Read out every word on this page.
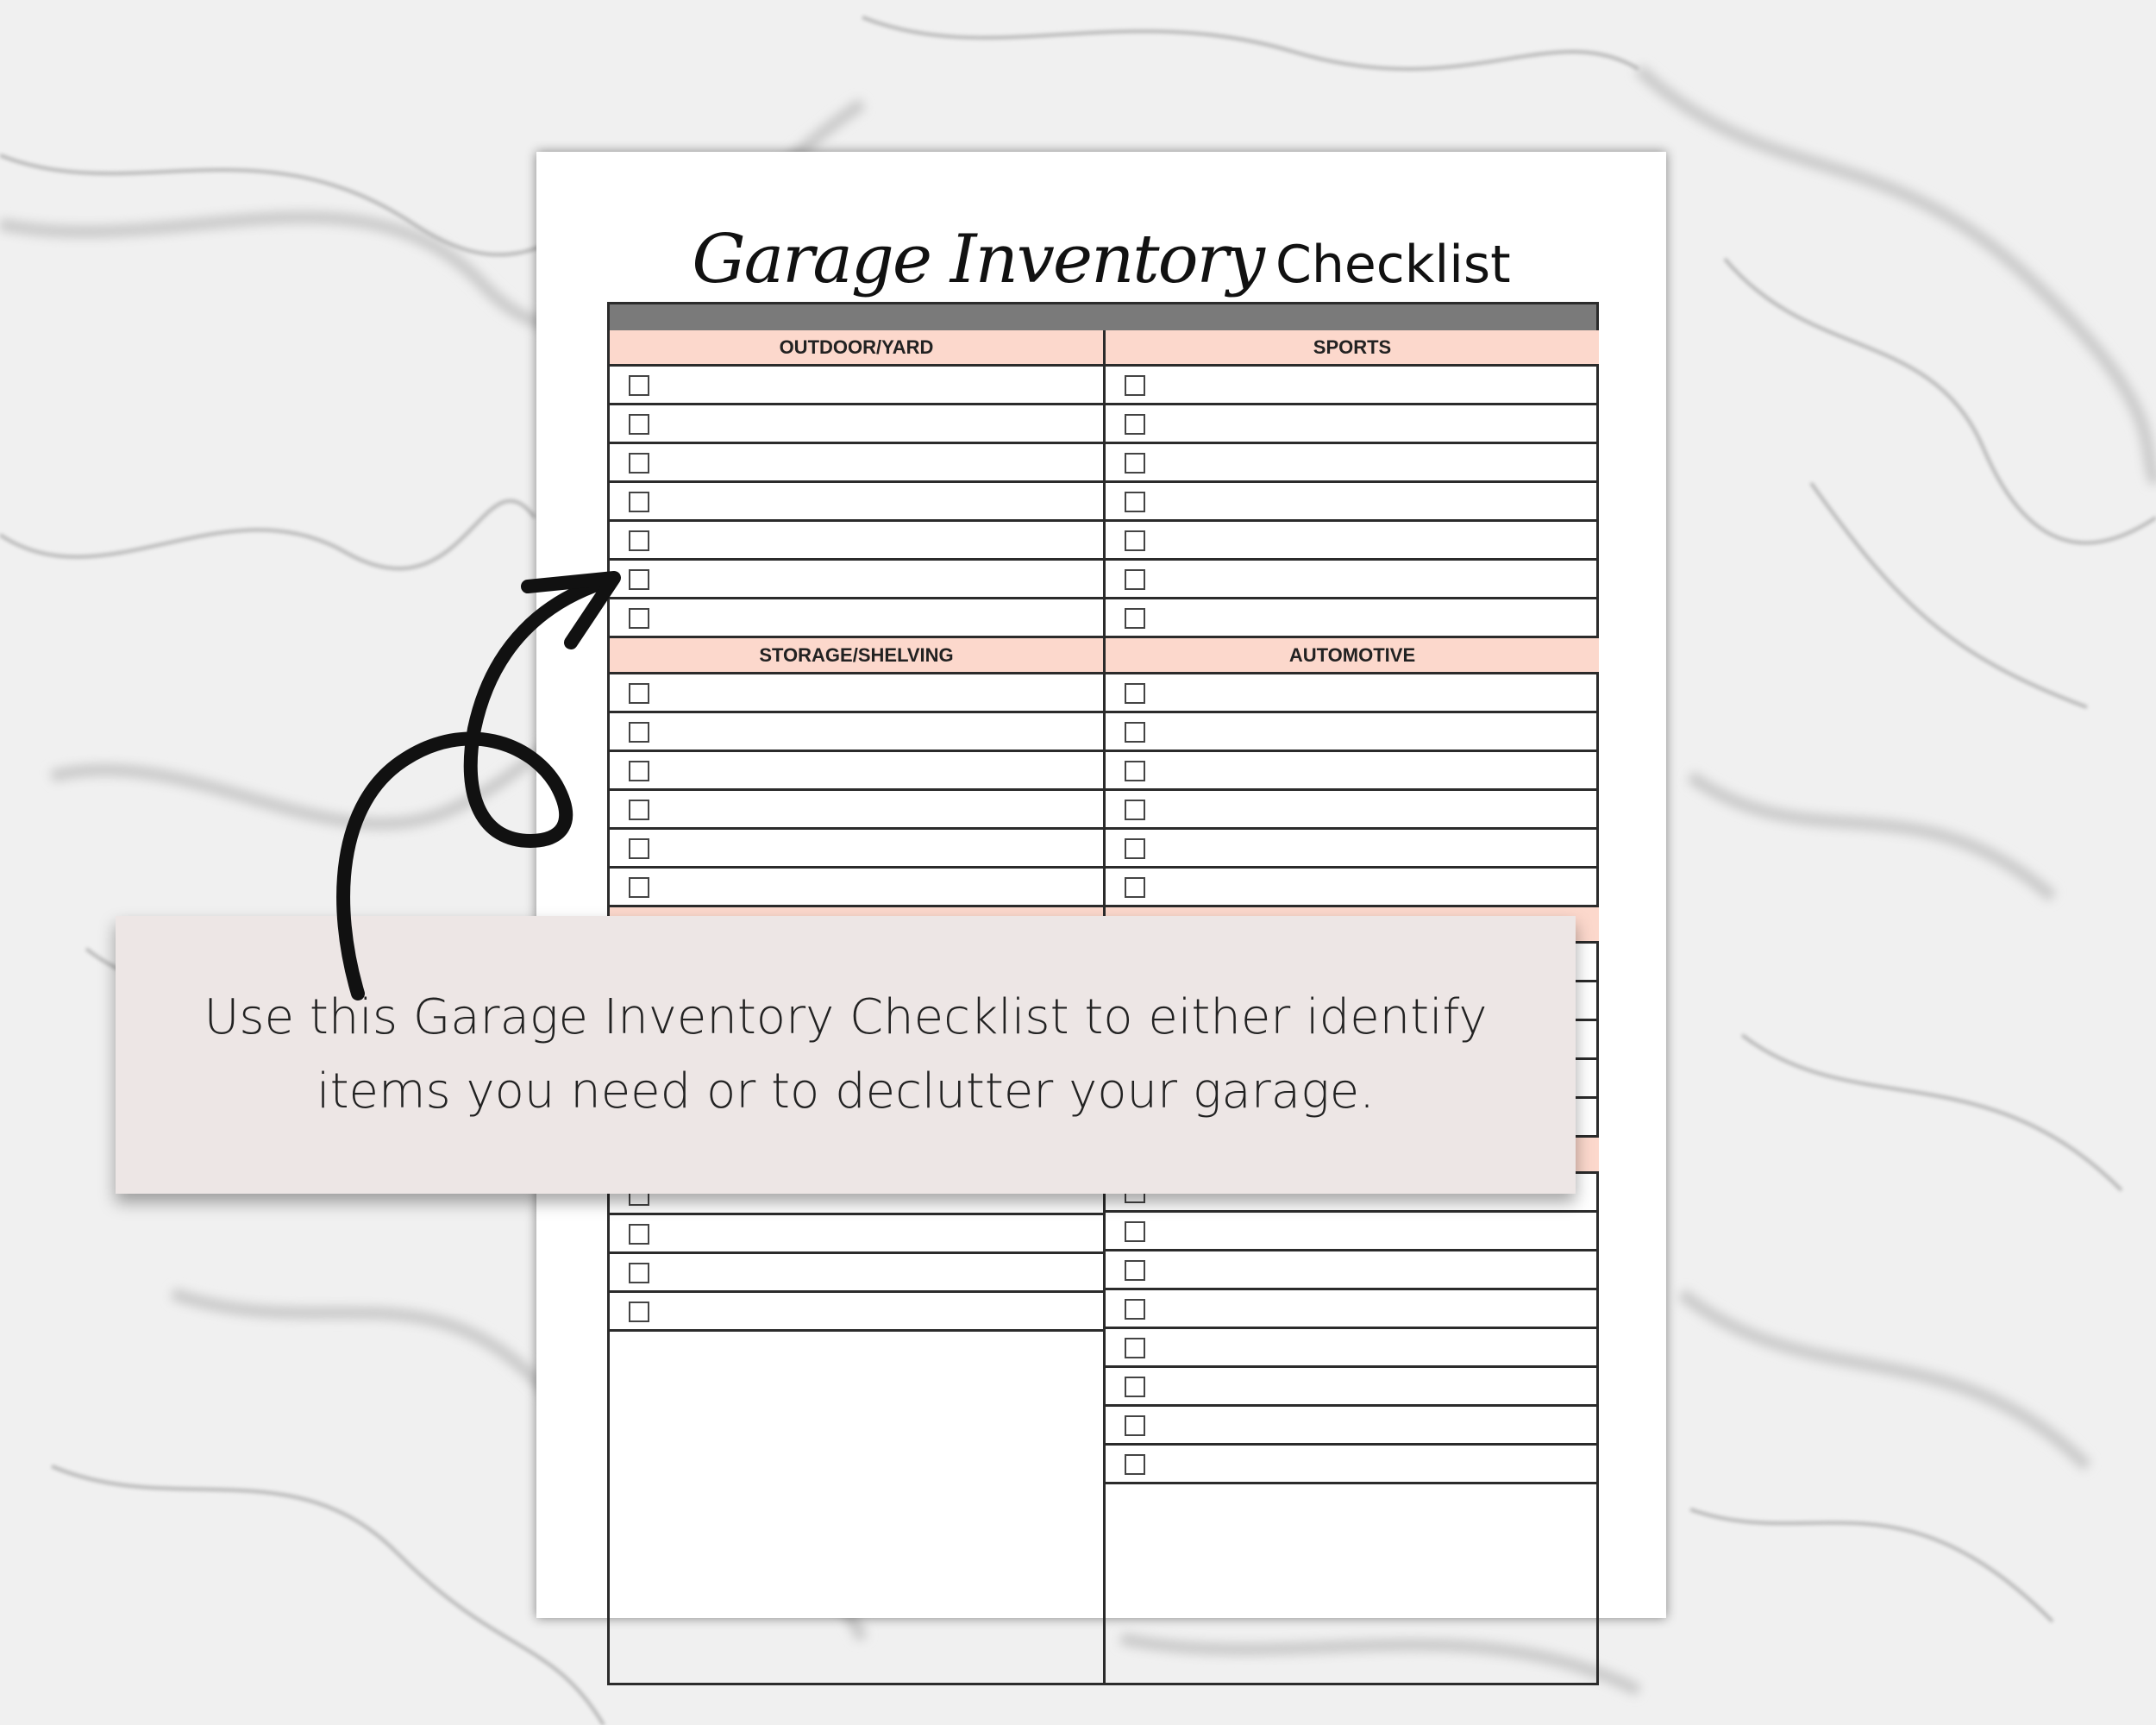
Garage Inventory Checklist
OUTDOOR/YARD
STORAGE/SHELVING
SPORTS
AUTOMOTIVE
Use this Garage Inventory Checklist to either identify
items you need or to declutter your garage.
